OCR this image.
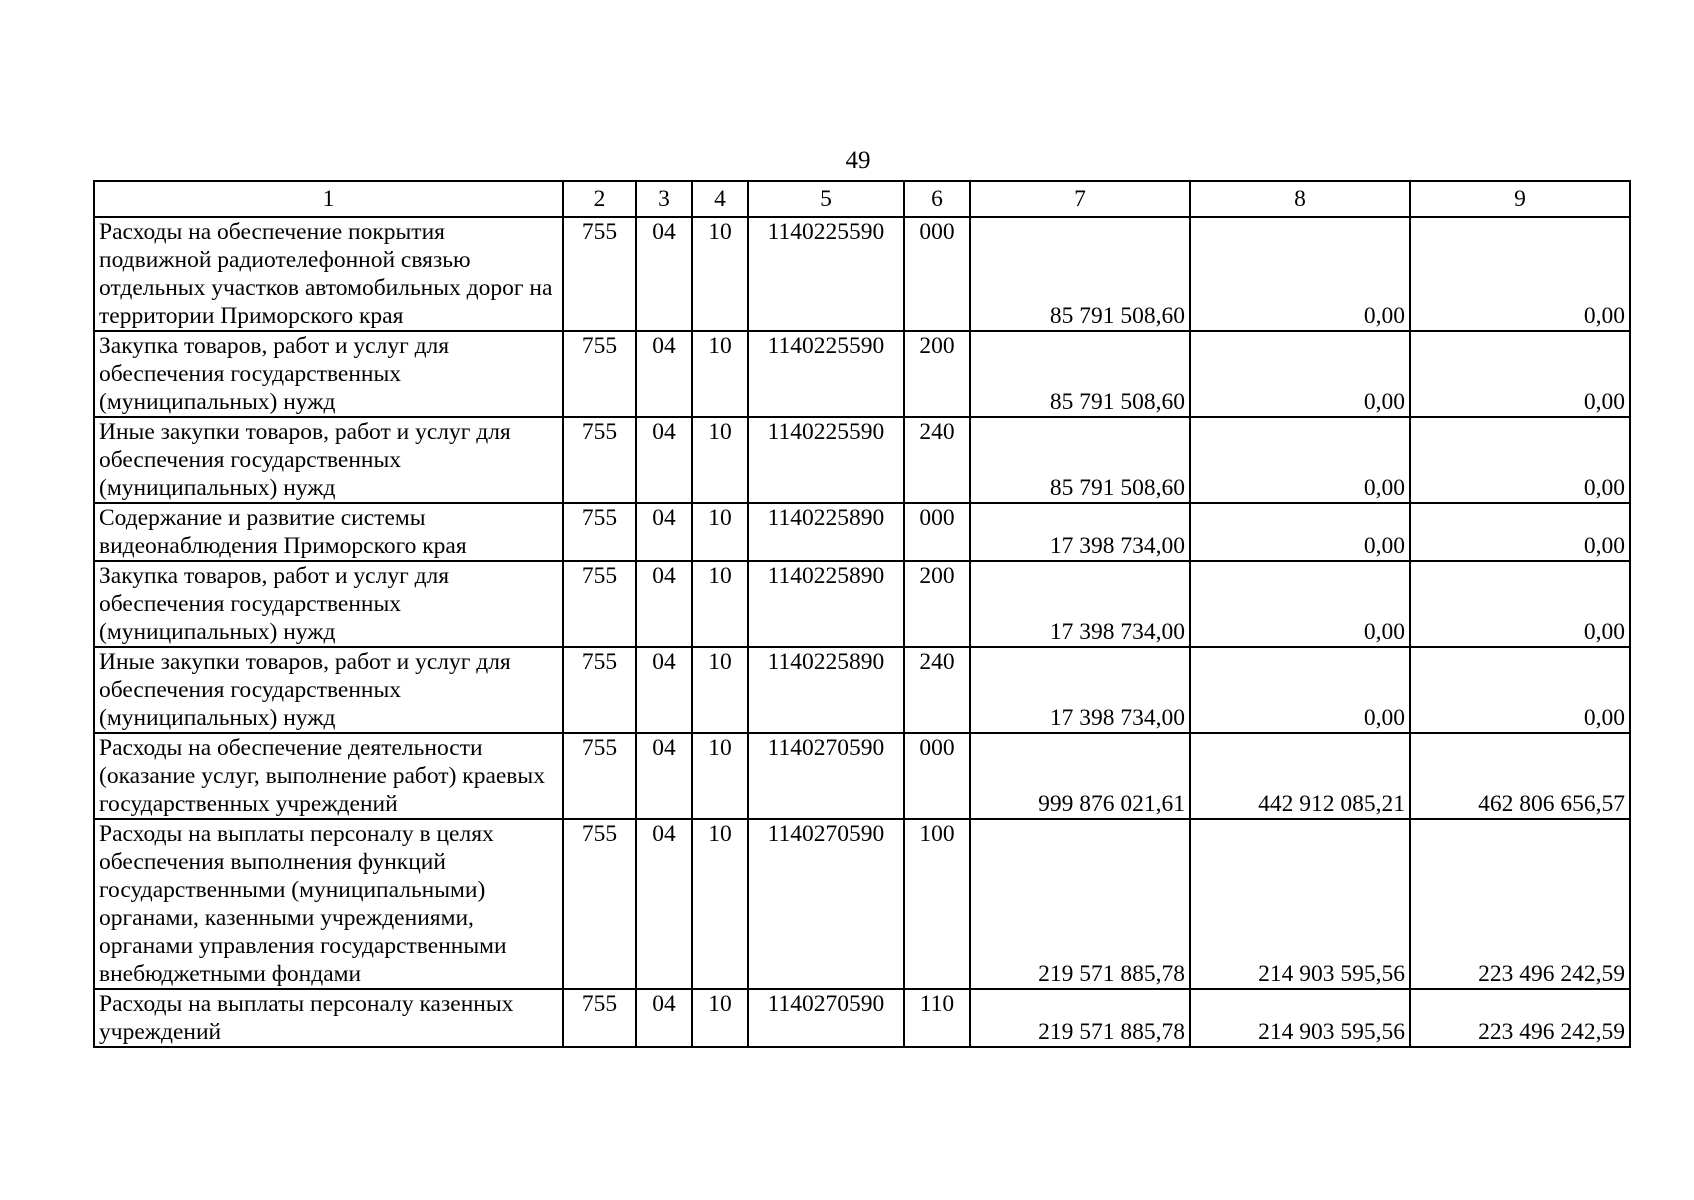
49
1	2	3	4	5	6	7	8	9
Расходы на обеспечение покрытия подвижной радиотелефонной связью отдельных участков автомобильных дорог на территории Приморского края	755	04	10	1140225590	000	85 791 508,60	0,00	0,00
Закупка товаров, работ и услуг для обеспечения государственных (муниципальных) нужд	755	04	10	1140225590	200	85 791 508,60	0,00	0,00
Иные закупки товаров, работ и услуг для обеспечения государственных (муниципальных) нужд	755	04	10	1140225590	240	85 791 508,60	0,00	0,00
Содержание и развитие системы видеонаблюдения Приморского края	755	04	10	1140225890	000	17 398 734,00	0,00	0,00
Закупка товаров, работ и услуг для обеспечения государственных (муниципальных) нужд	755	04	10	1140225890	200	17 398 734,00	0,00	0,00
Иные закупки товаров, работ и услуг для обеспечения государственных (муниципальных) нужд	755	04	10	1140225890	240	17 398 734,00	0,00	0,00
Расходы на обеспечение деятельности (оказание услуг, выполнение работ) краевых государственных учреждений	755	04	10	1140270590	000	999 876 021,61	442 912 085,21	462 806 656,57
Расходы на выплаты персоналу в целях обеспечения выполнения функций государственными (муниципальными) органами, казенными учреждениями, органами управления государственными внебюджетными фондами	755	04	10	1140270590	100	219 571 885,78	214 903 595,56	223 496 242,59
Расходы на выплаты персоналу казенных учреждений	755	04	10	1140270590	110	219 571 885,78	214 903 595,56	223 496 242,59
